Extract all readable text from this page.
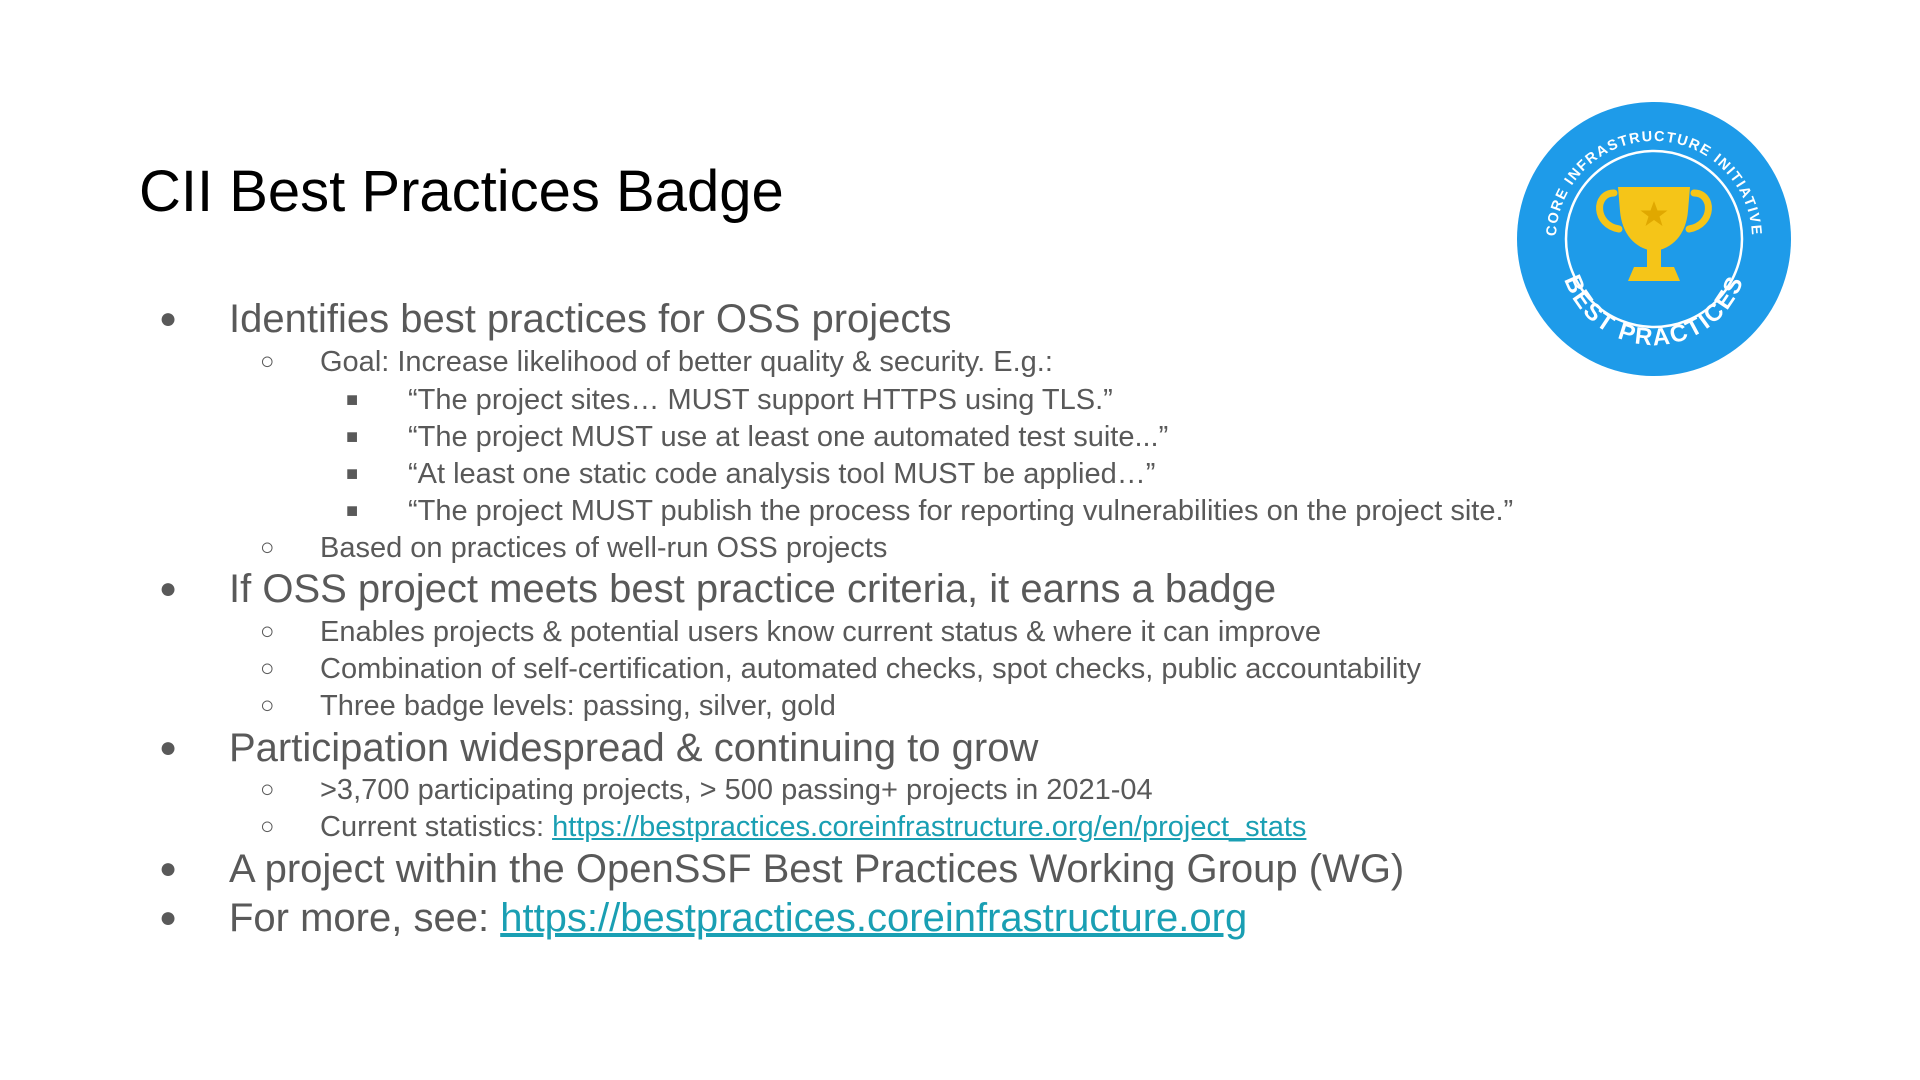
CII Best Practices Badge
● Identifies best practices for OSS projects
○ Goal: Increase likelihood of better quality & security. E.g.:
■ “The project sites… MUST support HTTPS using TLS.”
■ “The project MUST use at least one automated test suite...”
■ “At least one static code analysis tool MUST be applied…”
■ “The project MUST publish the process for reporting vulnerabilities on the project site.”
○ Based on practices of well-run OSS projects
● If OSS project meets best practice criteria, it earns a badge
○ Enables projects & potential users know current status & where it can improve
○ Combination of self-certification, automated checks, spot checks, public accountability
○ Three badge levels: passing, silver, gold
● Participation widespread & continuing to grow
○ >3,700 participating projects, > 500 passing+ projects in 2021-04
○ Current statistics: https://bestpractices.coreinfrastructure.org/en/project_stats
● A project within the OpenSSF Best Practices Working Group (WG)
● For more, see: https://bestpractices.coreinfrastructure.org
CORE INFRASTRUCTURE INITIATIVE
BEST PRACTICES
